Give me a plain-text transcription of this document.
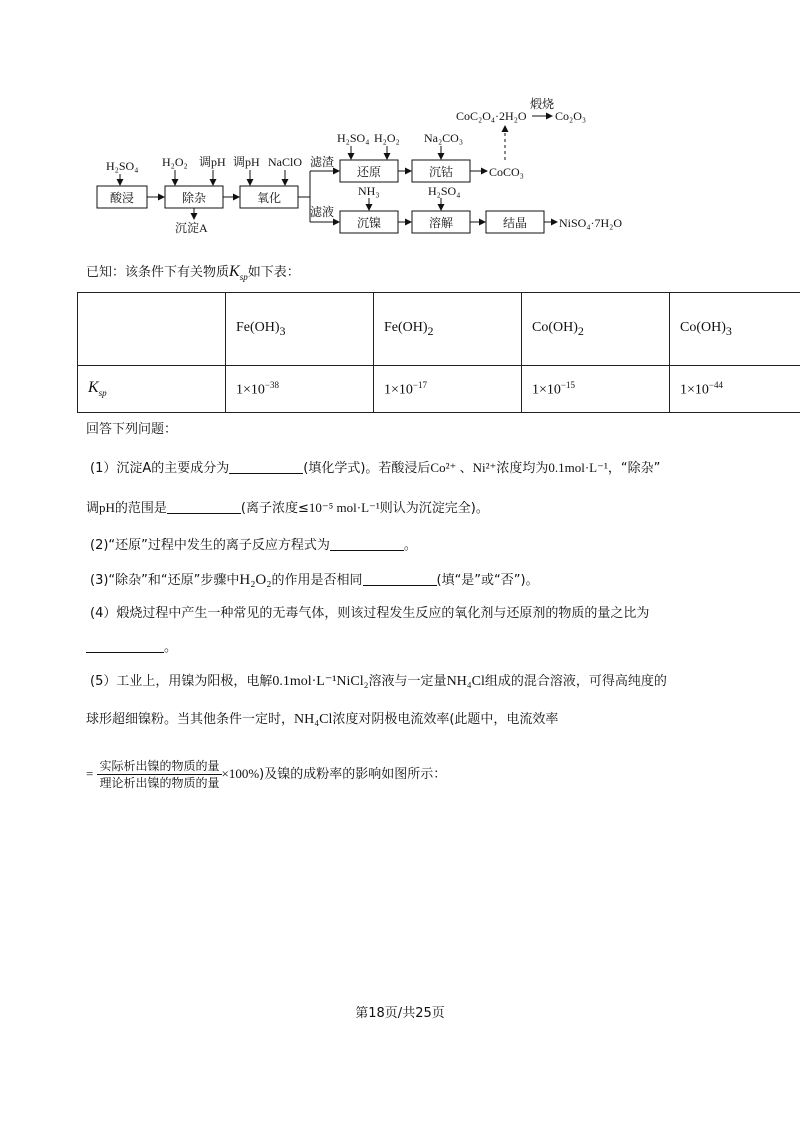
酸浸	除杂	氧化
还原	沉钴
沉镍	溶解	结晶
H₂SO₄ H₂O₂ 调pH 调pH NaClO
H₂SO₄ H₂O₂ Na₂CO₃
NH₃	H₂SO₄
滤渣
滤液
沉淀A
CoCO₃
CoC₂O₄·2H₂O
煅烧
Co₂O₃
NiSO₄·7H₂O
已知：该条件下有关物质$K_{sp}$如下表：
	$Fe(OH)_3$	$Fe(OH)_2$	$Co(OH)_2$	$Co(OH)_3$
$K_{sp}$	$1\times 10^{-38}$	$1\times 10^{-17}$	$1\times 10^{-15}$	$1\times 10^{-44}$
回答下列问题：
(1）沉淀A的主要成分为	(填化学式)。若酸浸后Co²⁺ 、Ni²⁺浓度均为0.1mol·L⁻¹，“除杂”
调pH的范围是	(离子浓度≤10⁻⁵ mol·L⁻¹则认为沉淀完全)。
(2)“还原”过程中发生的离子反应方程式为	。
(3)“除杂”和“还原”步骤中H₂O₂的作用是否相同	(填“是”或“否”)。
(4）煅烧过程中产生一种常见的无毒气体，则该过程发生反应的氧化剂与还原剂的物质的量之比为
。
(5）工业上，用镍为阳极，电解0.1mol·L⁻¹NiCl₂溶液与一定量NH₄Cl组成的混合溶液，可得高纯度的
球形超细镍粉。当其他条件一定时，NH₄Cl浓度对阴极电流效率(此题中，电流效率
= $\frac{\text{实际析出镍的物质的量}}{\text{理论析出镍的物质的量}} \times 100\%$)及镍的成粉率的影响如图所示：
第18页/共25页
